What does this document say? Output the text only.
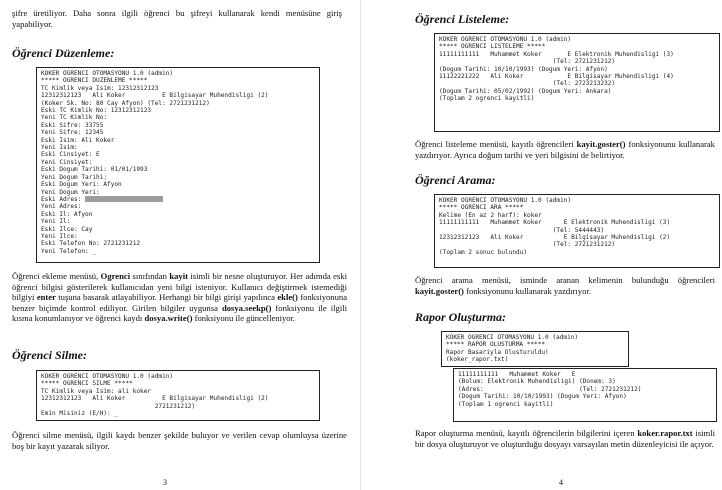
şifre üretiliyor. Daha sonra ilgili öğrenci bu şifreyi kullanarak kendi menüsüne giriş yapabiliyor.

Öğrenci Düzenleme:
KOKER OGRENCI OTOMASYONU 1.0 (admin)
***** OGRENCI DUZENLEME *****
TC Kimlik veya Isim: 12312312123
12312312123   Ali Koker          E Bilgisayar Muhendisligi (2)
(Koker Sk. No: 80 Cay Afyon) (Tel: 2721231212)
Eski TC Kimlik No: 12312312123
Yeni TC Kimlik No:
Eski Sifre: 33755
Yeni Sifre: 12345
Eski Isim: Ali Koker
Yeni Isim:
Eski Cinsiyet: E
Yeni Cinsiyet:
Eski Dogum Tarihi: 01/01/1993
Yeni Dogum Tarihi:
Eski Dogum Yeri: Afyon
Yeni Dogum Yeri:
Eski Adres:
Yeni Adres:
Eski Il: Afyon
Yeni Il:
Eski Ilce: Cay
Yeni Ilce:
Eski Telefon No: 2721231212
Yeni Telefon: _

Öğrenci ekleme menüsü, Ogrenci sınıfından kayit isimli bir nesne oluşturuyor. Her adımda eski öğrenci bilgisi gösterilerek kullanıcıdan yeni bilgi isteniyor. Kullanıcı değiştirmek istemediği bilgiyi enter tuşuna basarak atlayabiliyor. Herhangi bir bilgi girişi yapılınca ekle() fonksiyonuna benzer biçimde kontrol ediliyor. Girilen bilgiler uygunsa dosya.seekp() fonksiyonu ile ilgili kısma konumlanıyor ve öğrenci kaydı dosya.write() fonksiyonu ile güncelleniyor.

Öğrenci Silme:
KOKER OGRENCI OTOMASYONU 1.0 (admin)
***** OGRENCI SILME *****
TC Kimlik veya Isim: ali koker
12312312123   Ali Koker          E Bilgisayar Muhendisligi (2)
2721231212)
Emin Misiniz (E/H): _

Öğrenci silme menüsü, ilgili kaydı benzer şekilde buluyor ve verilen cevap olumluysa üzerine boş bir kayıt yazarak siliyor.

3
Öğrenci Listeleme:
KOKER OGRENCI OTOMASYONU 1.0 (admin)
***** OGRENCI LISTELEME *****
11111111111   Muhammet Koker       E Elektronik Muhendisligi (3)
(Tel: 2721231212)
(Dogum Tarihi: 10/10/1993) (Dogum Yeri: Afyon)
11122221222   Ali Koker            E Bilgisayar Muhendisligi (4)
(Tel: 2723213232)
(Dogum Tarihi: 05/02/1992) (Dogum Yeri: Ankara)
(Toplam 2 ogrenci kayitli)

Öğrenci listeleme menüsü, kayıtlı öğrencileri kayit.goster() fonksiyonunu kullanarak yazdırıyor. Ayrıca doğum tarihi ve yeri bilgisini de belirtiyor.

Öğrenci Arama:
KOKER OGRENCI OTOMASYONU 1.0 (admin)
***** OGRENCI ARA *****
Kelime (En az 2 harf): koker
11111111111   Muhammet Koker      E Elektronik Muhendisligi (3)
(Tel: 5444443)
12312312123   Ali Koker           E Bilgisayar Muhendisligi (2)
(Tel: 2721231212)
(Toplam 2 sonuc bulundu)

Öğrenci arama menüsü, isminde aranan kelimenin bulunduğu öğrencileri kayit.goster() fonksiyonunu kullanarak yazdırıyor.

Rapor Oluşturma:
KOKER OGRENCI OTOMASYONU 1.0 (admin)
***** RAPOR OLUSTURMA *****
Rapor Basariyla Olusturuldu!
(koker_rapor.txt)
11111111111   Muhammet Koker   E
(Bolum: Elektronik Muhendisligi) (Donem: 3)
(Adres:                          (Tel: 2721231212)
(Dogum Tarihi: 10/10/1993) (Dogum Yeri: Afyon)
(Toplam 1 ogrenci kayitli)

Rapor oluşturma menüsü, kayıtlı öğrencilerin bilgilerini içeren koker.rapor.txt isimli bir dosya oluşturuyor ve oluşturduğu dosyayı varsayılan metin düzenleyicisi ile açıyor.

4
